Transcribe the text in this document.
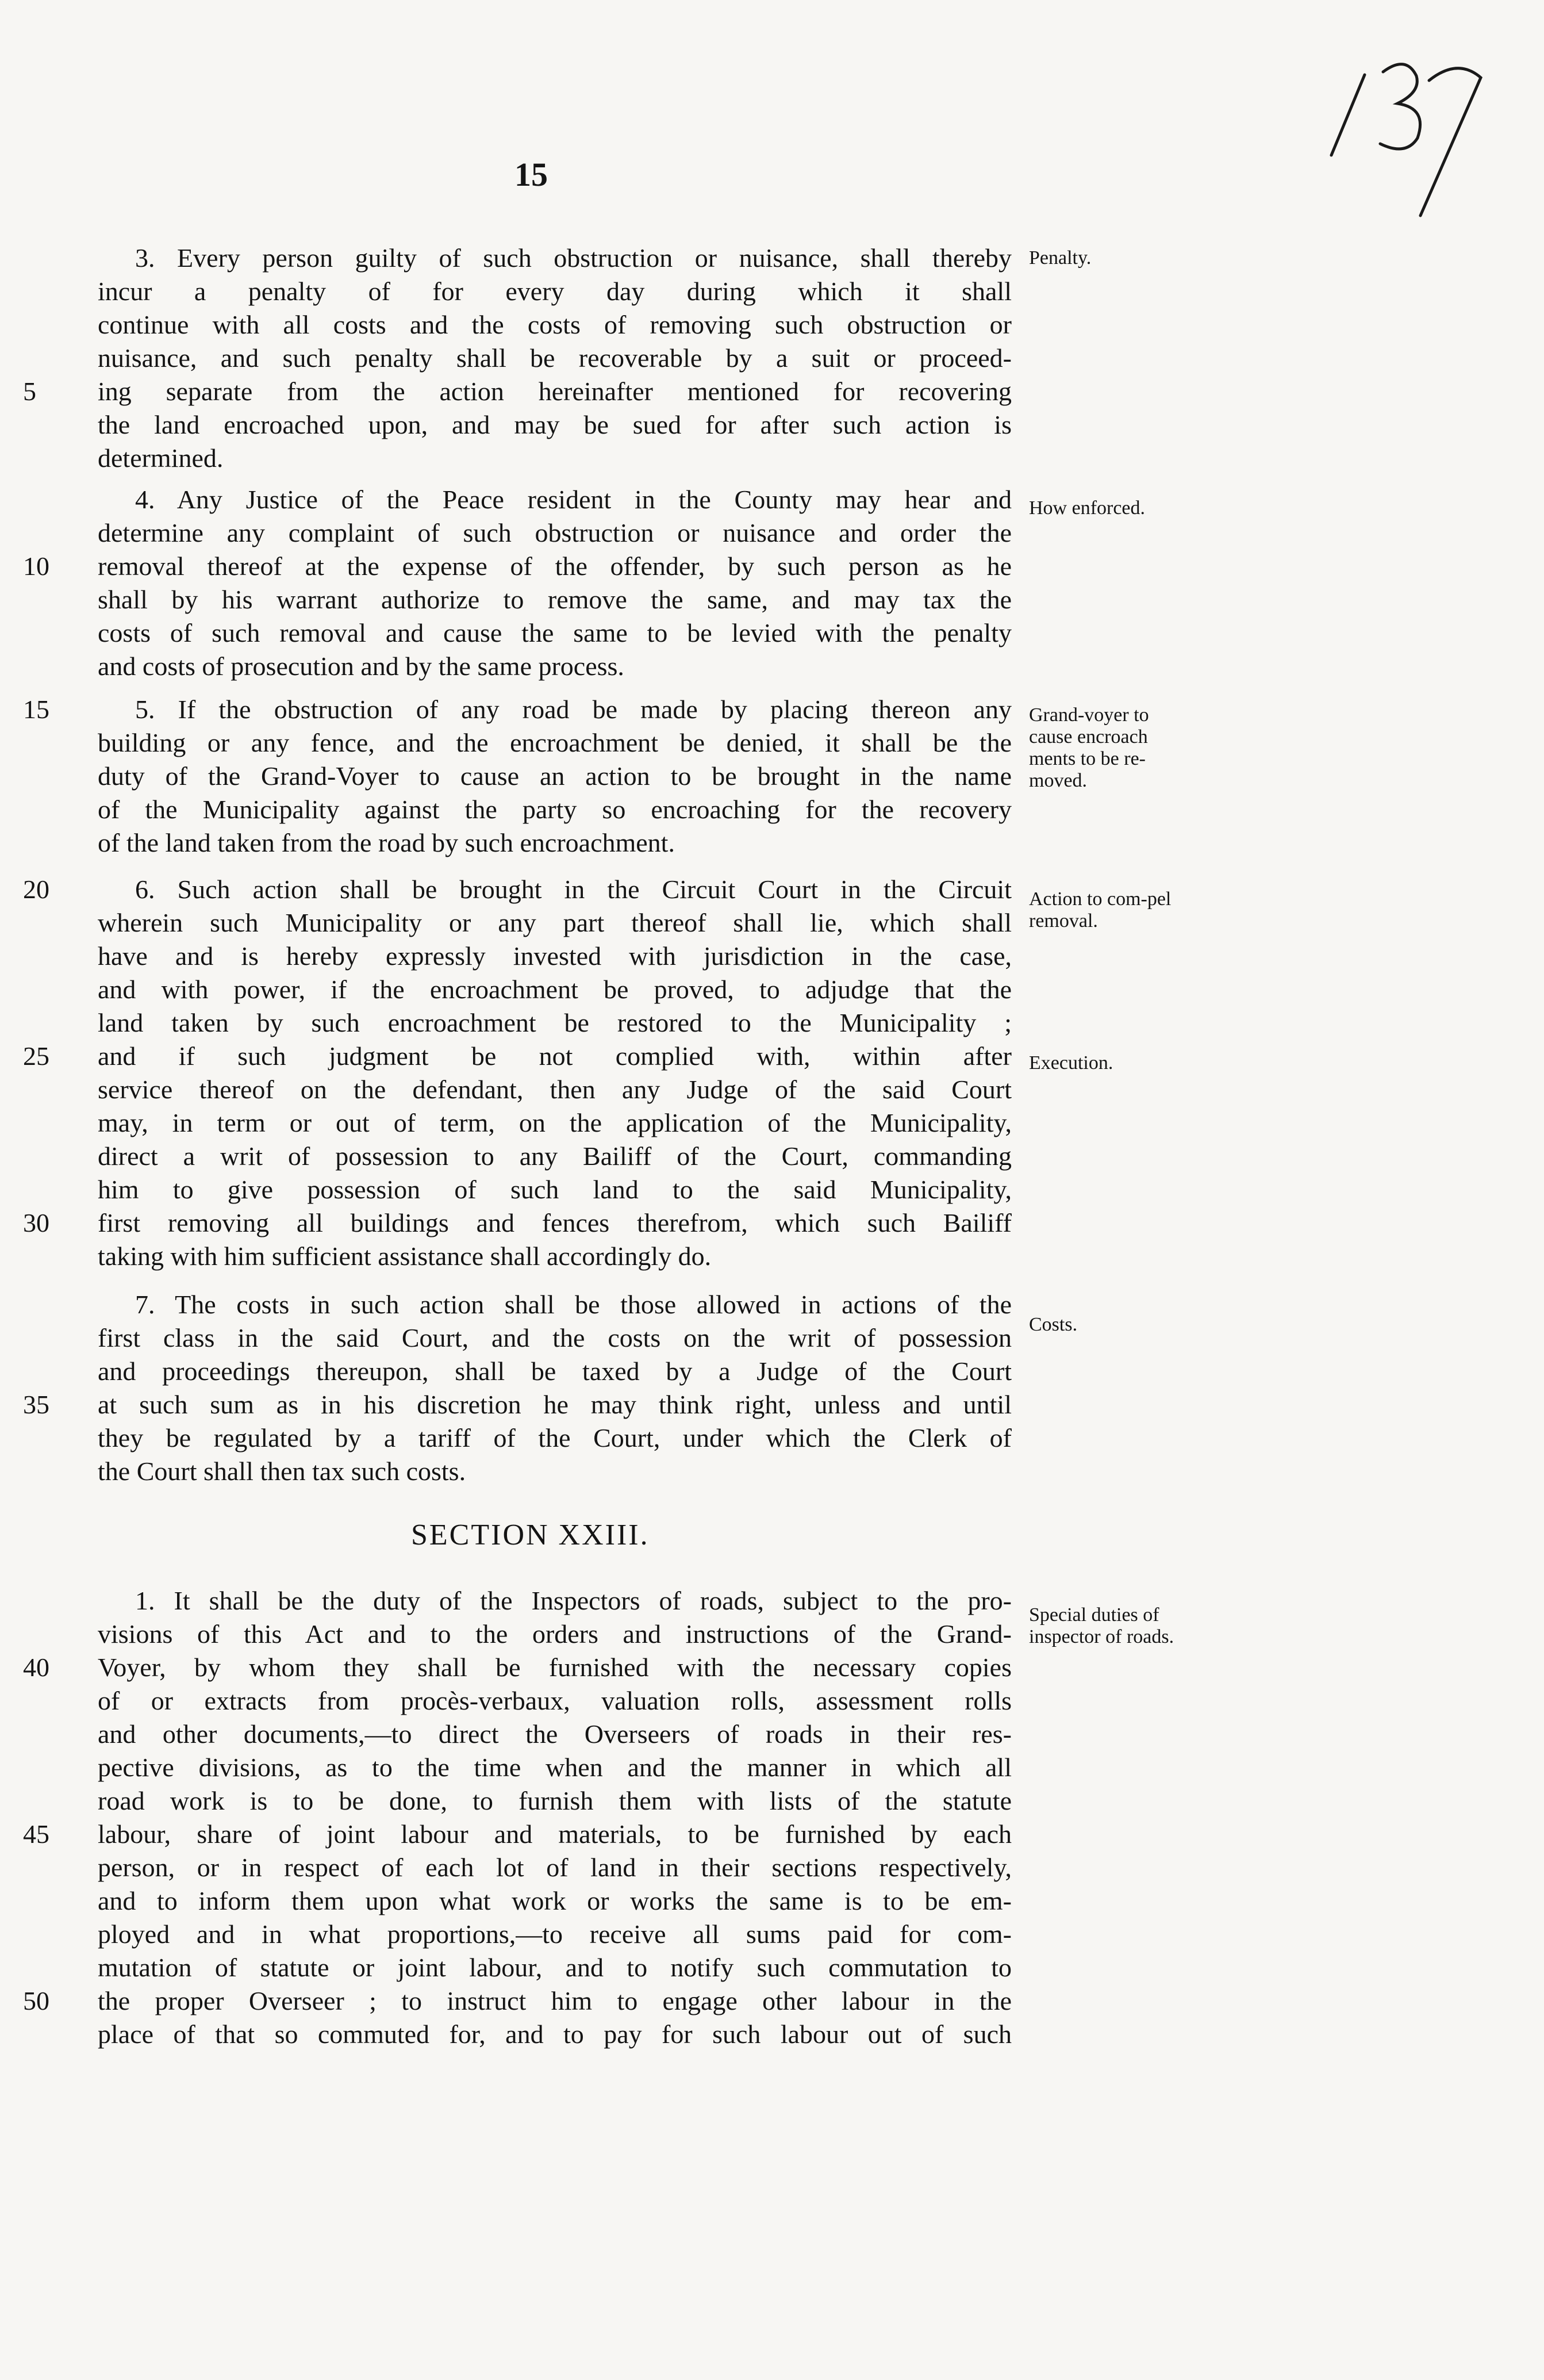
15
3. Every person guilty of such obstruction or nuisance, shall thereby
incur a penalty of for every day during which it shall
continue with all costs and the costs of removing such obstruction or
nuisance, and such penalty shall be recoverable by a suit or proceed-
5	ing separate from the action hereinafter mentioned for recovering
the land encroached upon, and may be sued for after such action is
determined.
4. Any Justice of the Peace resident in the County may hear and
determine any complaint of such obstruction or nuisance and order the
10	removal thereof at the expense of the offender, by such person as he
shall by his warrant authorize to remove the same, and may tax the
costs of such removal and cause the same to be levied with the penalty
and costs of prosecution and by the same process.
15	5. If the obstruction of any road be made by placing thereon any
building or any fence, and the encroachment be denied, it shall be the
duty of the Grand-Voyer to cause an action to be brought in the name
of the Municipality against the party so encroaching for the recovery
of the land taken from the road by such encroachment.
20	6. Such action shall be brought in the Circuit Court in the Circuit
wherein such Municipality or any part thereof shall lie, which shall
have and is hereby expressly invested with jurisdiction in the case,
and with power, if the encroachment be proved, to adjudge that the
land taken by such encroachment be restored to the Municipality ;
25	and if such judgment be not complied with, within after
service thereof on the defendant, then any Judge of the said Court
may, in term or out of term, on the application of the Municipality,
direct a writ of possession to any Bailiff of the Court, commanding
him to give possession of such land to the said Municipality,
30	first removing all buildings and fences therefrom, which such Bailiff
taking with him sufficient assistance shall accordingly do.
7. The costs in such action shall be those allowed in actions of the
first class in the said Court, and the costs on the writ of possession
and proceedings thereupon, shall be taxed by a Judge of the Court
35	at such sum as in his discretion he may think right, unless and until
they be regulated by a tariff of the Court, under which the Clerk of
the Court shall then tax such costs.
SECTION XXIII.
1. It shall be the duty of the Inspectors of roads, subject to the pro-
visions of this Act and to the orders and instructions of the Grand-
40	Voyer, by whom they shall be furnished with the necessary copies
of or extracts from procès-verbaux, valuation rolls, assessment rolls
and other documents,—to direct the Overseers of roads in their res-
pective divisions, as to the time when and the manner in which all
road work is to be done, to furnish them with lists of the statute
45	labour, share of joint labour and materials, to be furnished by each
person, or in respect of each lot of land in their sections respectively,
and to inform them upon what work or works the same is to be em-
ployed and in what proportions,—to receive all sums paid for com-
mutation of statute or joint labour, and to notify such commutation to
50	the proper Overseer ; to instruct him to engage other labour in the
place of that so commuted for, and to pay for such labour out of such
Penalty.
How enforced.
Grand-voyer to cause encroach ments to be re-moved.
Action to com-pel removal.
Execution.
Costs.
Special duties of inspector of roads.
